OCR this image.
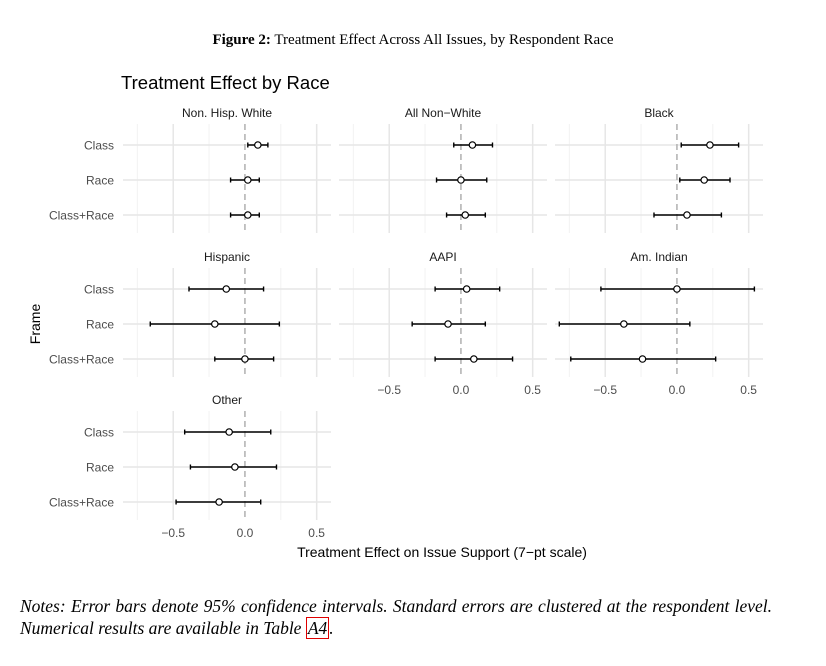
Figure 2: Treatment Effect Across All Issues, by Respondent Race
Treatment Effect by Race
Frame
Treatment Effect on Issue Support (7−pt scale)
Non. Hisp. White
Class
Race
Class+Race
All Non−White	Black
Hispanic
Class
Race
Class+Race
AAPI
−0.5	0.0	0.5
Am. Indian
−0.5	0.0	0.5
Other
Class
Race
Class+Race
−0.5	0.0	0.5
Notes: Error bars denote 95% confidence intervals. Standard errors are clustered at the respondent level. Numerical results are available in Table A4 .
